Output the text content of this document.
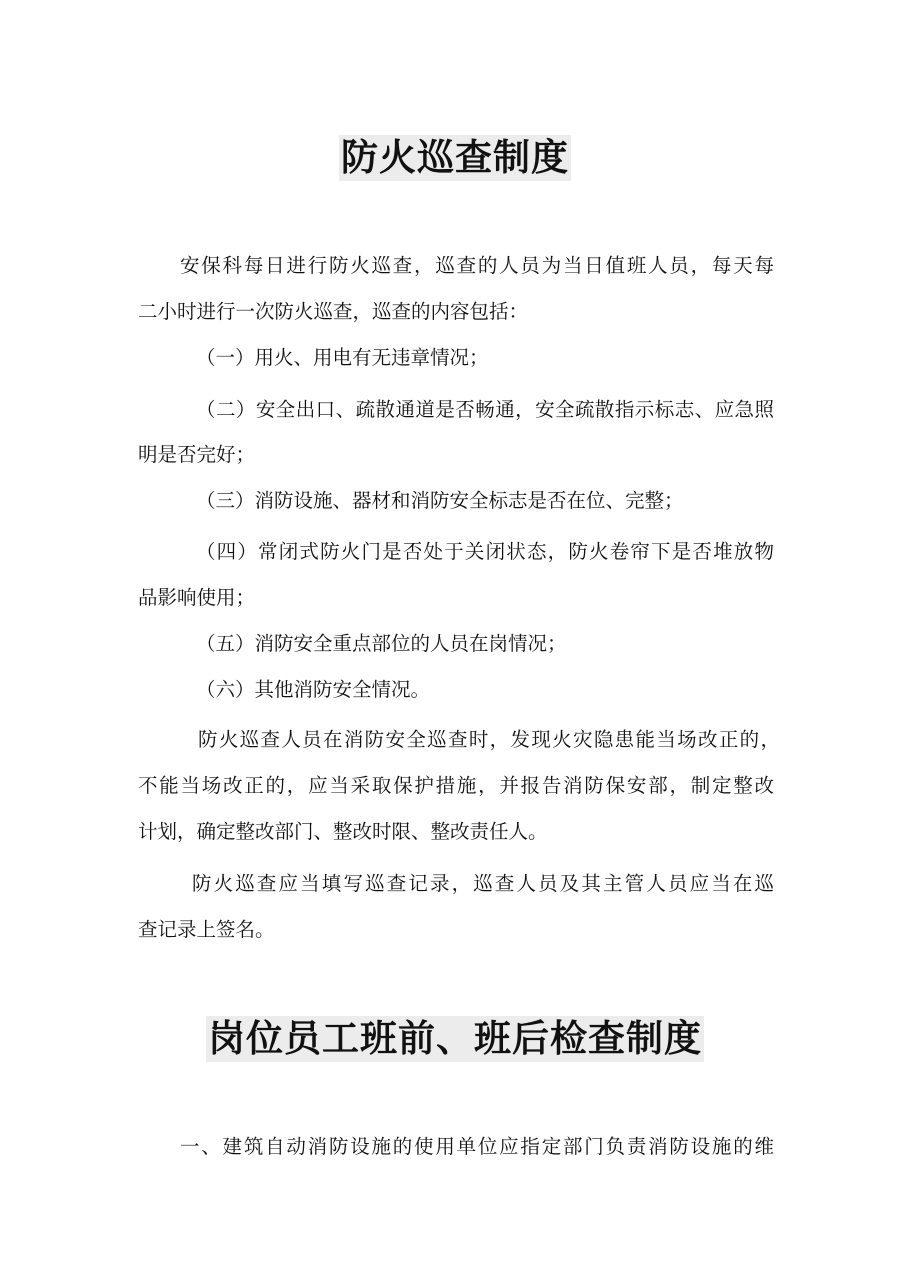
防火巡查制度
安保科每日进行防火巡查，巡查的人员为当日值班人员，每天每
二小时进行一次防火巡查，巡查的内容包括：
（一）用火、用电有无违章情况；
（二）安全出口、疏散通道是否畅通，安全疏散指示标志、应急照
明是否完好；
（三）消防设施、器材和消防安全标志是否在位、完整；
（四）常闭式防火门是否处于关闭状态，防火卷帘下是否堆放物
品影响使用；
（五）消防安全重点部位的人员在岗情况；
（六）其他消防安全情况。
防火巡查人员在消防安全巡查时，发现火灾隐患能当场改正的，
不能当场改正的，应当采取保护措施，并报告消防保安部，制定整改
计划，确定整改部门、整改时限、整改责任人。
防火巡查应当填写巡查记录，巡查人员及其主管人员应当在巡
查记录上签名。
岗位员工班前、班后检查制度
一、建筑自动消防设施的使用单位应指定部门负责消防设施的维
